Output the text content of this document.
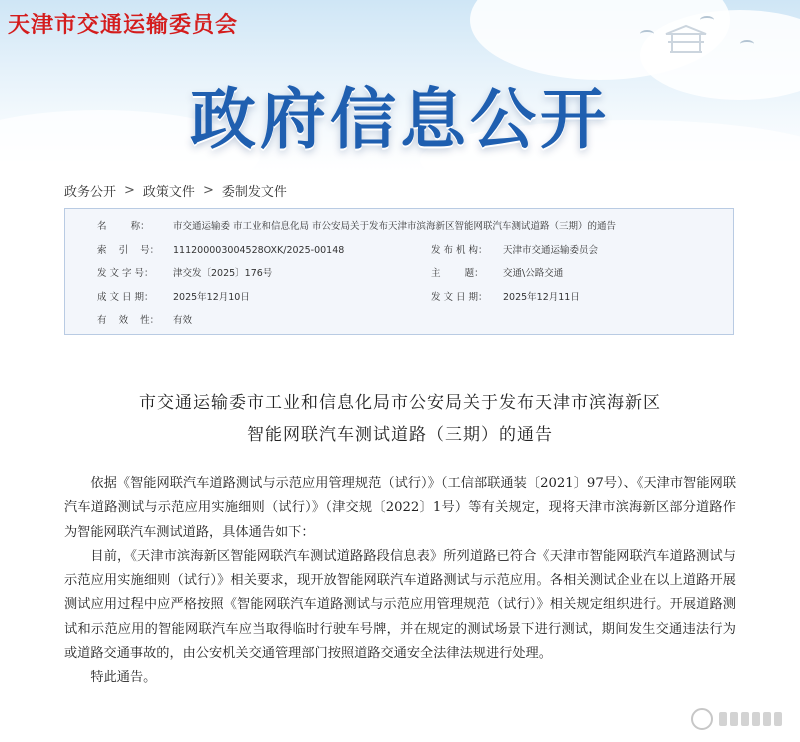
天津市交通运输委员会
政府信息公开
政务公开 > 政策文件 > 委制发文件
名        称：	市交通运输委 市工业和信息化局 市公安局关于发布天津市滨海新区智能网联汽车测试道路（三期）的通告
索    引    号： 111200003004528OXK/2025-00148	发 布 机 构：	天津市交通运输委员会
发 文 字 号：	津交发〔2025〕176号	主        题：	交通\公路交通
成 文 日 期：	2025年12月10日	发 文 日 期：	2025年12月11日
有    效    性： 有效
市交通运输委市工业和信息化局市公安局关于发布天津市滨海新区
智能网联汽车测试道路（三期）的通告

依据《智能网联汽车道路测试与示范应用管理规范（试行）》（工信部联通装〔2021〕97号）、《天津市智能网联汽车道路测试与示范应用实施细则（试行）》（津交规〔2022〕1号）等有关规定，现将天津市滨海新区部分道路作为智能网联汽车测试道路，具体通告如下：

目前，《天津市滨海新区智能网联汽车测试道路路段信息表》所列道路已符合《天津市智能网联汽车道路测试与示范应用实施细则（试行）》相关要求，现开放智能网联汽车道路测试与示范应用。各相关测试企业在以上道路开展测试应用过程中应严格按照《智能网联汽车道路测试与示范应用管理规范（试行）》相关规定组织进行。开展道路测试和示范应用的智能网联汽车应当取得临时行驶车号牌，并在规定的测试场景下进行测试，期间发生交通违法行为或道路交通事故的，由公安机关交通管理部门按照道路交通安全法律法规进行处理。

特此通告。
